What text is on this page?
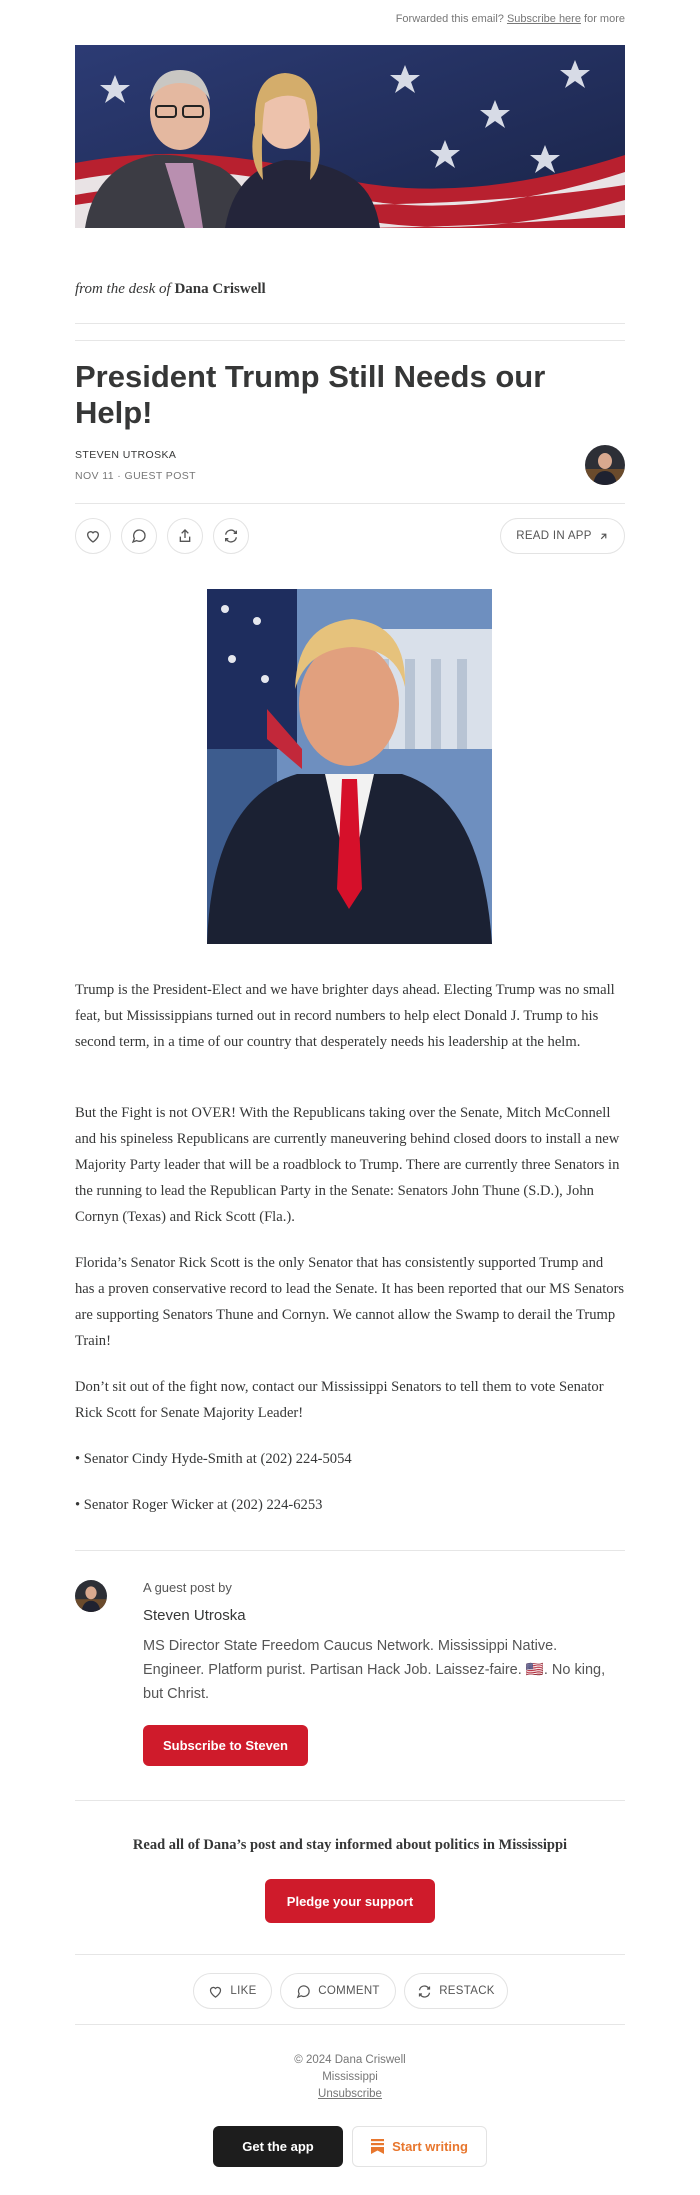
Forwarded this email? Subscribe here for more
from the desk of Dana Criswell
President Trump Still Needs our Help!
STEVEN UTROSKA
NOV 11 · GUEST POST
READ IN APP

Trump is the President-Elect and we have brighter days ahead. Electing Trump was no small feat, but Mississippians turned out in record numbers to help elect Donald J. Trump to his second term, in a time of our country that desperately needs his leadership at the helm.

But the Fight is not OVER! With the Republicans taking over the Senate, Mitch McConnell and his spineless Republicans are currently maneuvering behind closed doors to install a new Majority Party leader that will be a roadblock to Trump. There are currently three Senators in the running to lead the Republican Party in the Senate: Senators John Thune (S.D.), John Cornyn (Texas) and Rick Scott (Fla.).

Florida’s Senator Rick Scott is the only Senator that has consistently supported Trump and has a proven conservative record to lead the Senate. It has been reported that our MS Senators are supporting Senators Thune and Cornyn. We cannot allow the Swamp to derail the Trump Train!

Don’t sit out of the fight now, contact our Mississippi Senators to tell them to vote Senator Rick Scott for Senate Majority Leader!

• Senator Cindy Hyde-Smith at (202) 224-5054

• Senator Roger Wicker at (202) 224-6253

A guest post by
Steven Utroska
MS Director State Freedom Caucus Network. Mississippi Native. Engineer. Platform purist. Partisan Hack Job. Laissez-faire. 🇺🇸. No king, but Christ.
Subscribe to Steven
Read all of Dana’s post and stay informed about politics in Mississippi
Pledge your support
LIKE	COMMENT	RESTACK
© 2024 Dana Criswell
Mississippi
Unsubscribe
Get the app	Start writing
